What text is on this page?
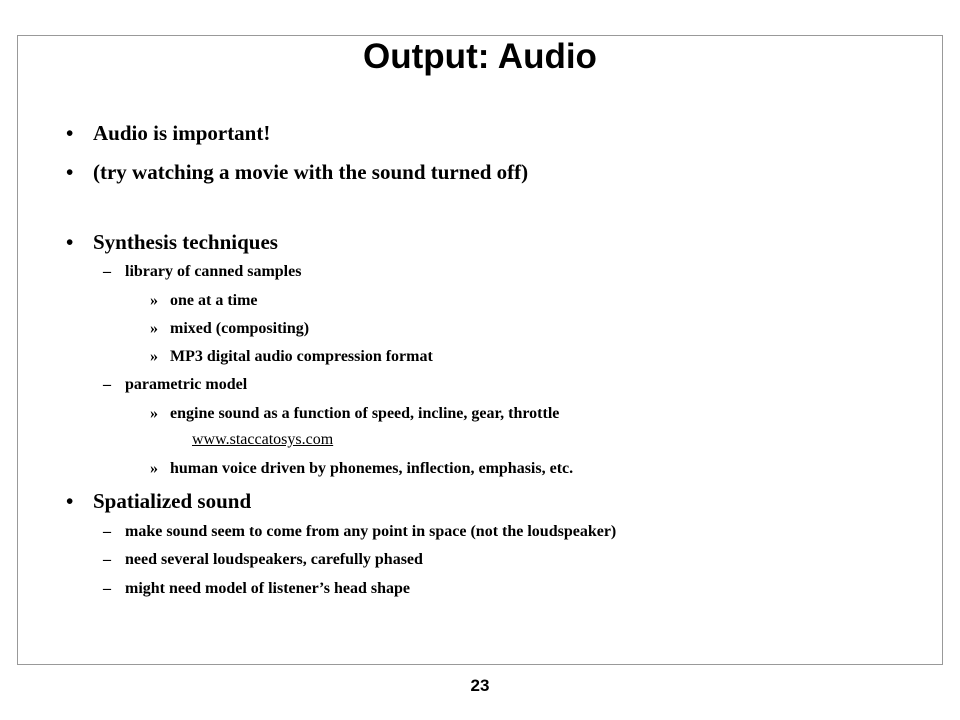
Output: Audio
• Audio is important!
• (try watching a movie with the sound turned off)
• Synthesis techniques
– library of canned samples
» one at a time
» mixed (compositing)
» MP3 digital audio compression format
– parametric model
» engine sound as a function of speed, incline, gear, throttle
www.staccatosys.com
» human voice driven by phonemes, inflection, emphasis, etc.
• Spatialized sound
– make sound seem to come from any point in space (not the loudspeaker)
– need several loudspeakers, carefully phased
– might need model of listener’s head shape
23
